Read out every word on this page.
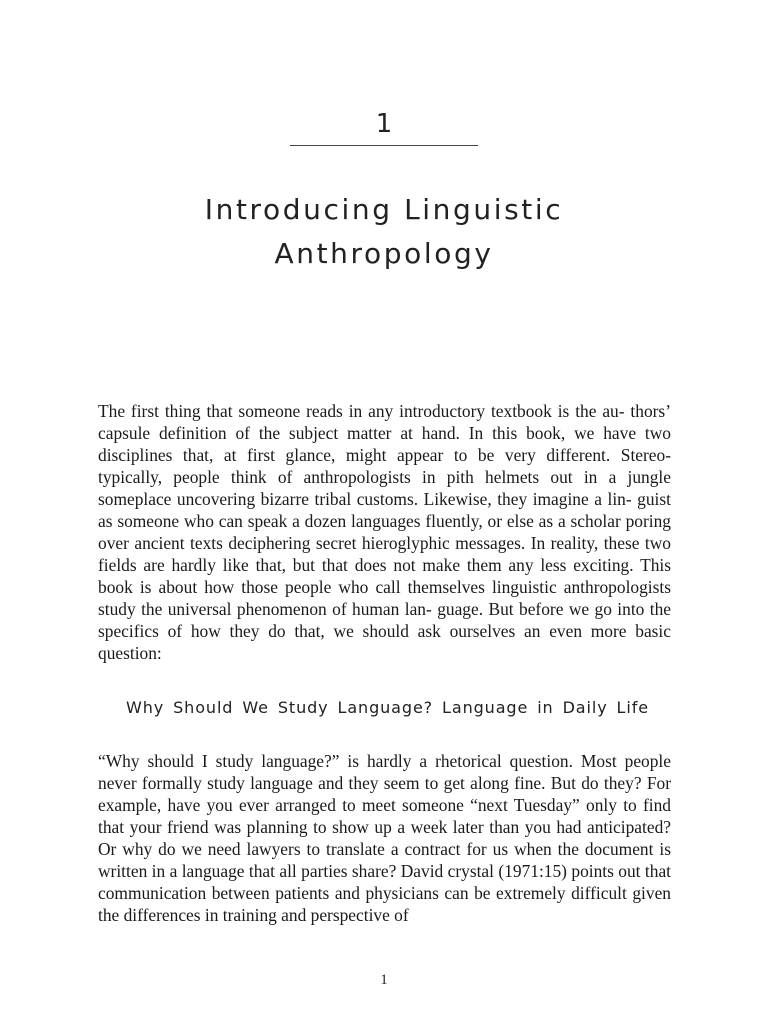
1
Introducing Linguistic
Anthropology

The first thing that someone reads in any introductory textbook is the au- thors’ capsule definition of the subject matter at hand. In this book, we have two disciplines that, at first glance, might appear to be very different. Stereo- typically, people think of anthropologists in pith helmets out in a jungle someplace uncovering bizarre tribal customs. Likewise, they imagine a lin- guist as someone who can speak a dozen languages fluently, or else as a scholar poring over ancient texts deciphering secret hieroglyphic messages. In reality, these two fields are hardly like that, but that does not make them any less exciting. This book is about how those people who call themselves linguistic anthropologists study the universal phenomenon of human lan- guage. But before we go into the specifics of how they do that, we should ask ourselves an even more basic question:

Why Should We Study Language? Language in Daily Life

“Why should I study language?” is hardly a rhetorical question. Most people never formally study language and they seem to get along fine. But do they? For example, have you ever arranged to meet someone “next Tuesday” only to find that your friend was planning to show up a week later than you had anticipated? Or why do we need lawyers to translate a contract for us when the document is written in a language that all parties share? David crystal (1971:15) points out that communication between patients and physicians can be extremely difficult given the differences in training and perspective of

1
